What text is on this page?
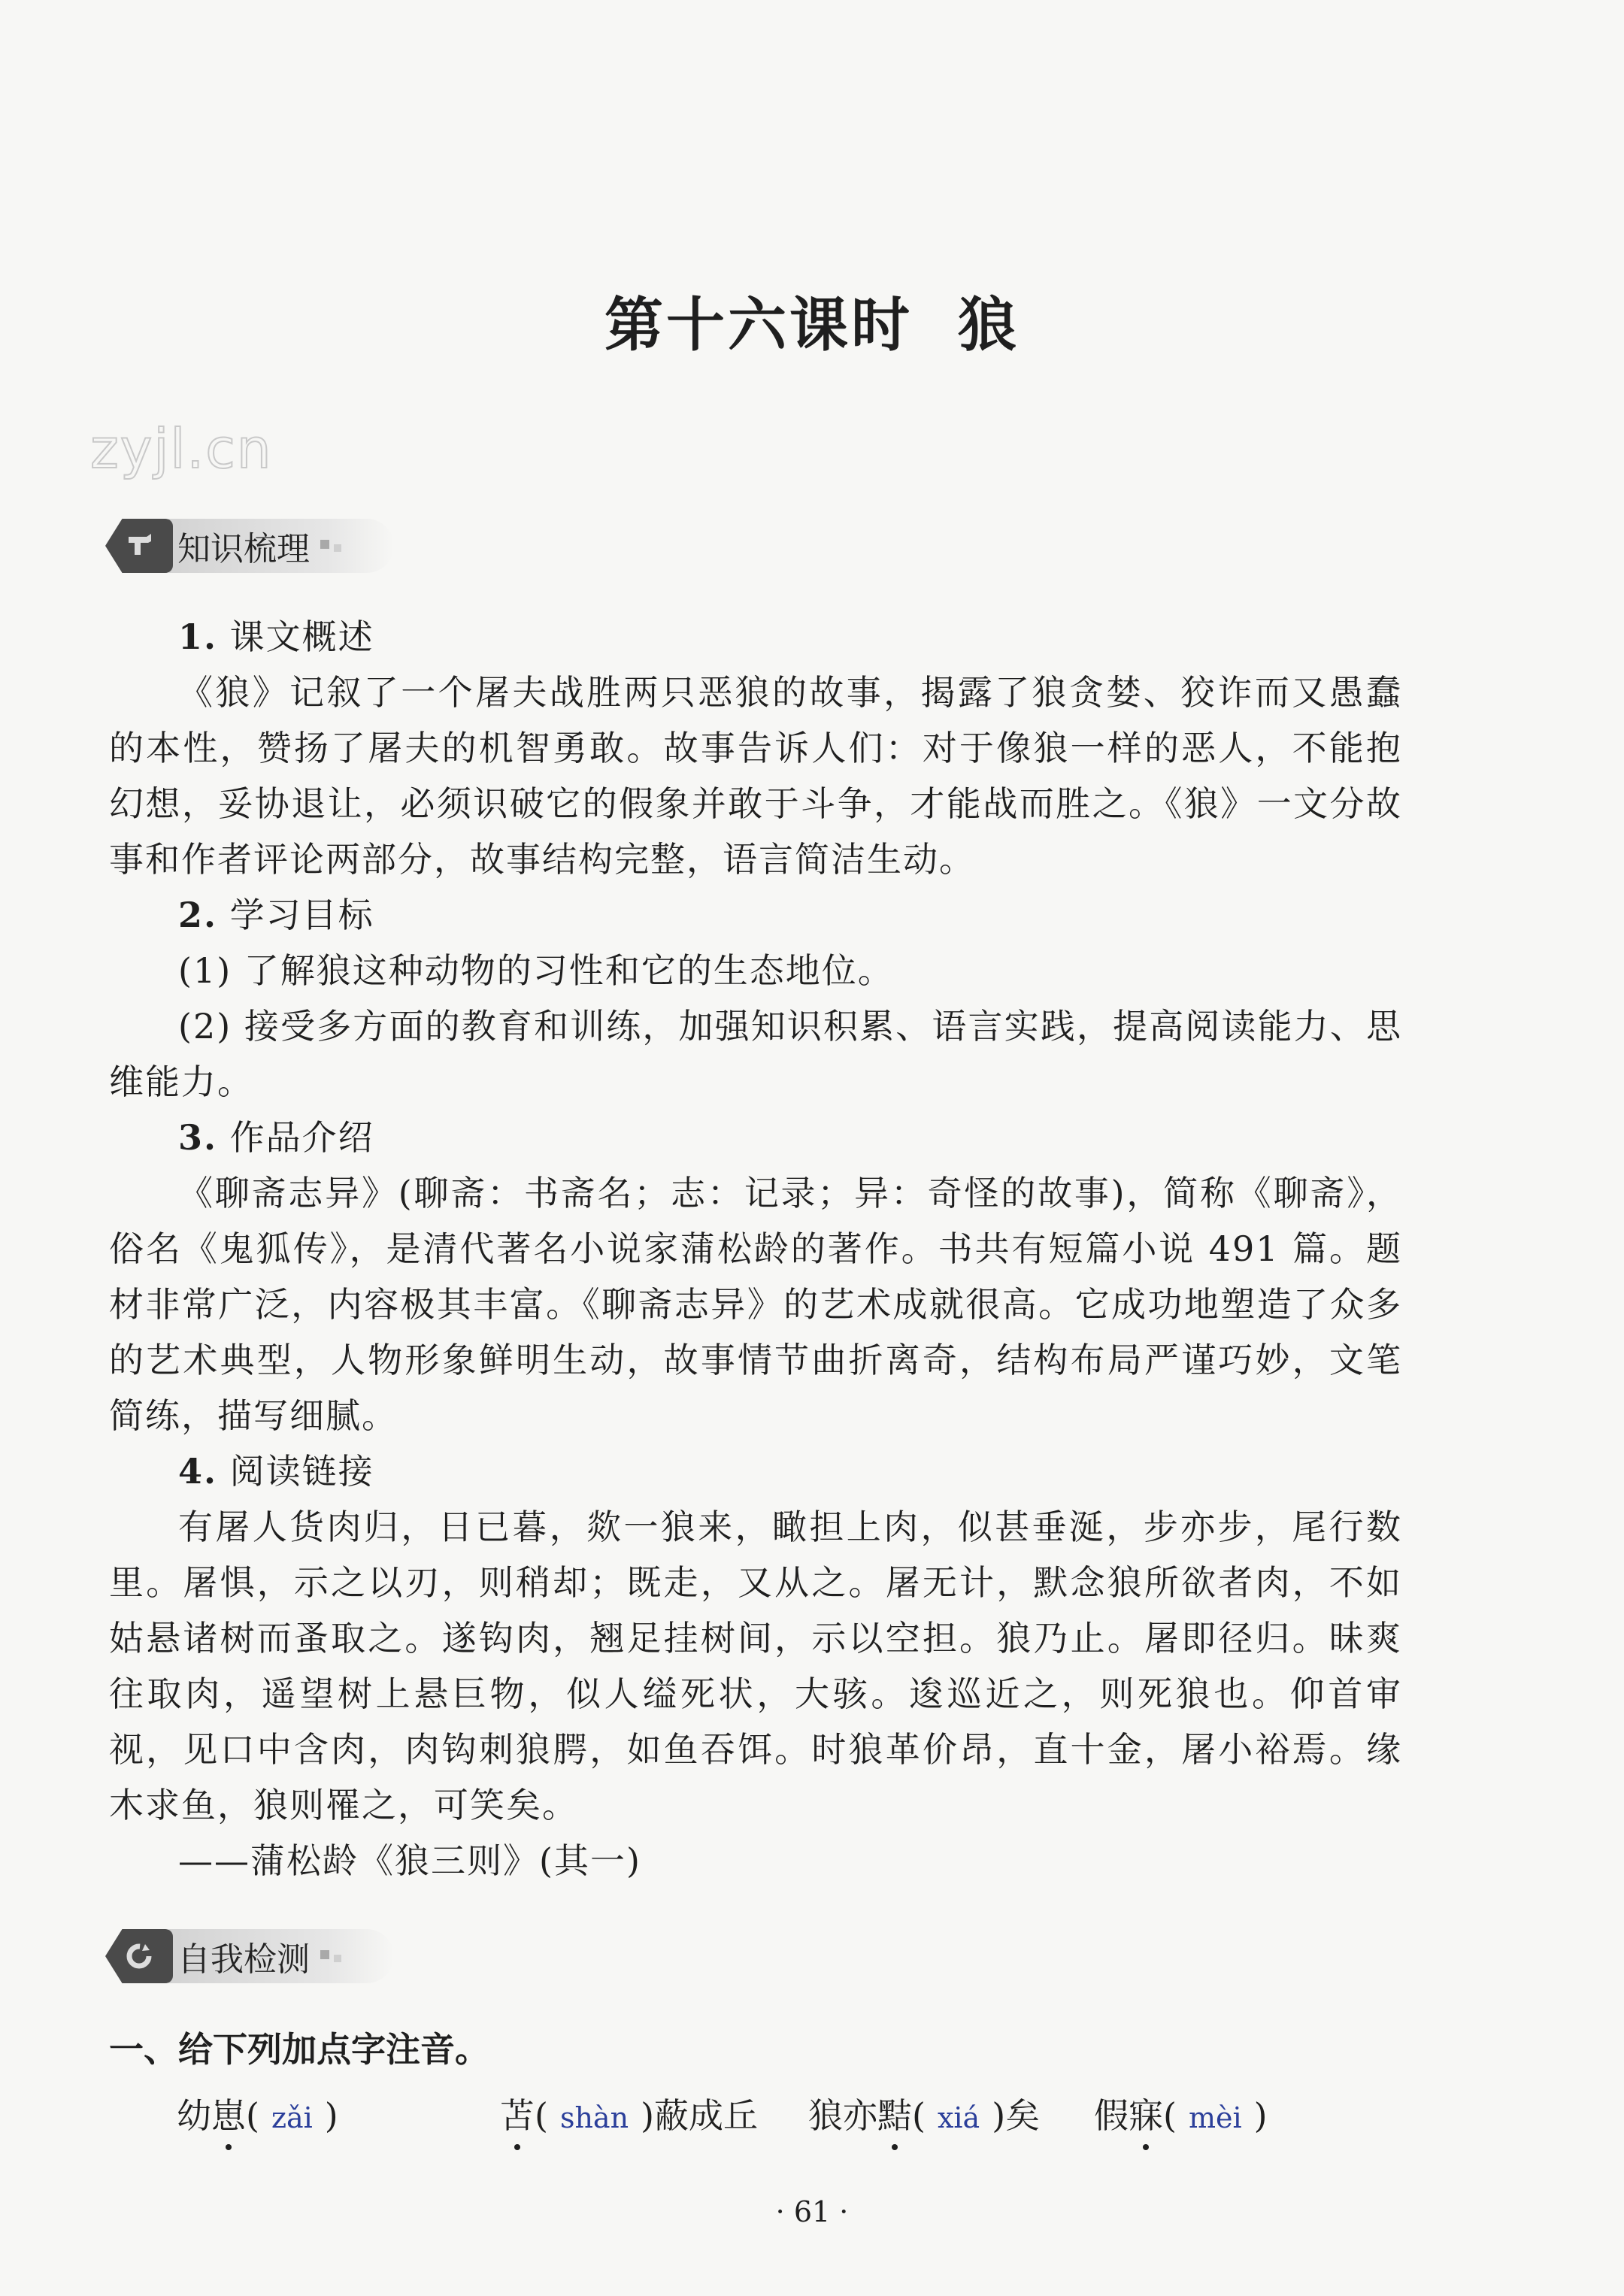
第十六课时 狼
zyjl.cn
知识梳理
1. 课文概述

《狼》记叙了一个屠夫战胜两只恶狼的故事，揭露了狼贪婪、狡诈而又愚蠢的本性，赞扬了屠夫的机智勇敢。故事告诉人们：对于像狼一样的恶人，不能抱幻想，妥协退让，必须识破它的假象并敢于斗争，才能战而胜之。《狼》一文分故事和作者评论两部分，故事结构完整，语言简洁生动。

2. 学习目标

(1) 了解狼这种动物的习性和它的生态地位。

(2) 接受多方面的教育和训练，加强知识积累、语言实践，提高阅读能力、思维能力。

3. 作品介绍

《聊斋志异》(聊斋：书斋名；志：记录；异：奇怪的故事)，简称《聊斋》，俗名《鬼狐传》，是清代著名小说家蒲松龄的著作。书共有短篇小说 491 篇。题材非常广泛，内容极其丰富。《聊斋志异》的艺术成就很高。它成功地塑造了众多的艺术典型，人物形象鲜明生动，故事情节曲折离奇，结构布局严谨巧妙，文笔简练，描写细腻。

4. 阅读链接

有屠人货肉归，日已暮，欻一狼来，瞰担上肉，似甚垂涎，步亦步，尾行数里。屠惧，示之以刃，则稍却；既走，又从之。屠无计，默念狼所欲者肉，不如姑悬诸树而蚤取之。遂钩肉，翘足挂树间，示以空担。狼乃止。屠即径归。昧爽往取肉，遥望树上悬巨物，似人缢死状，大骇。逡巡近之，则死狼也。仰首审视，见口中含肉，肉钩刺狼腭，如鱼吞饵。时狼革价昂，直十金，屠小裕焉。缘木求鱼，狼则罹之，可笑矣。

——蒲松龄《狼三则》(其一)

自我检测
一、给下列加点字注音。
幼 崽 ( zǎi )	苫 ( shàn ) 蔽成丘 狼亦 黠 ( xiá ) 矣 假 寐 ( mèi )
· 61 ·
